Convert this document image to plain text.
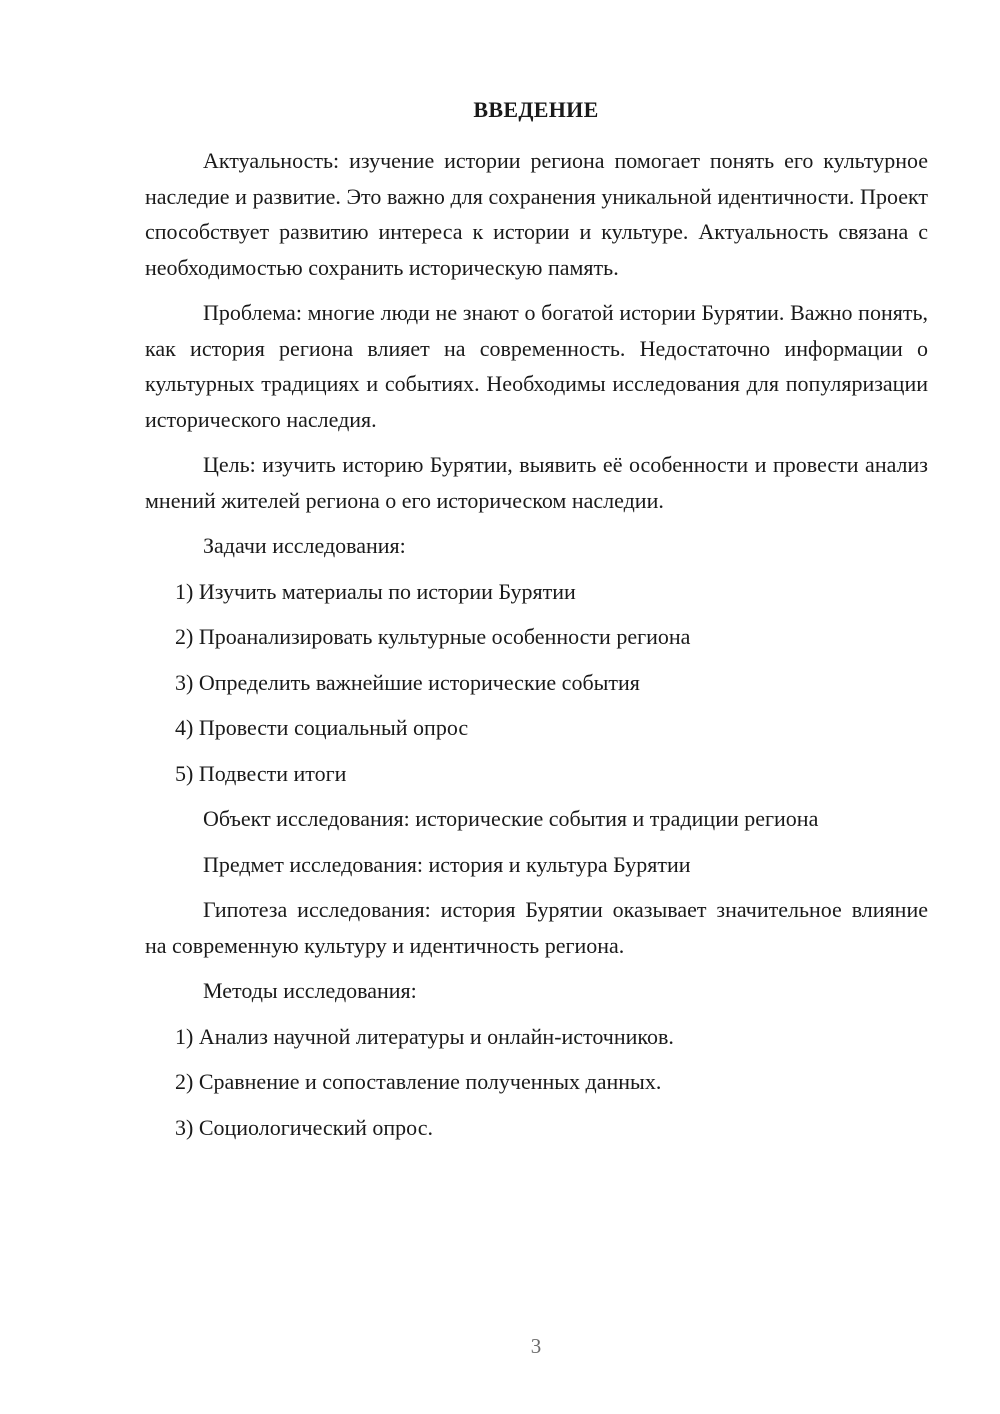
ВВЕДЕНИЕ

Актуальность: изучение истории региона помогает понять его культурное наследие и развитие. Это важно для сохранения уникальной идентичности. Проект способствует развитию интереса к истории и культуре. Актуальность связана с необходимостью сохранить историческую память.

Проблема: многие люди не знают о богатой истории Бурятии. Важно понять, как история региона влияет на современность. Недостаточно информации о культурных традициях и событиях. Необходимы исследования для популяризации исторического наследия.

Цель: изучить историю Бурятии, выявить её особенности и провести анализ мнений жителей региона о его историческом наследии.

Задачи исследования:

1) Изучить материалы по истории Бурятии

2) Проанализировать культурные особенности региона

3) Определить важнейшие исторические события

4) Провести социальный опрос

5) Подвести итоги

Объект исследования: исторические события и традиции региона

Предмет исследования: история и культура Бурятии

Гипотеза исследования: история Бурятии оказывает значительное влияние на современную культуру и идентичность региона.

Методы исследования:

1) Анализ научной литературы и онлайн-источников.

2) Сравнение и сопоставление полученных данных.

3) Социологический опрос.

3
